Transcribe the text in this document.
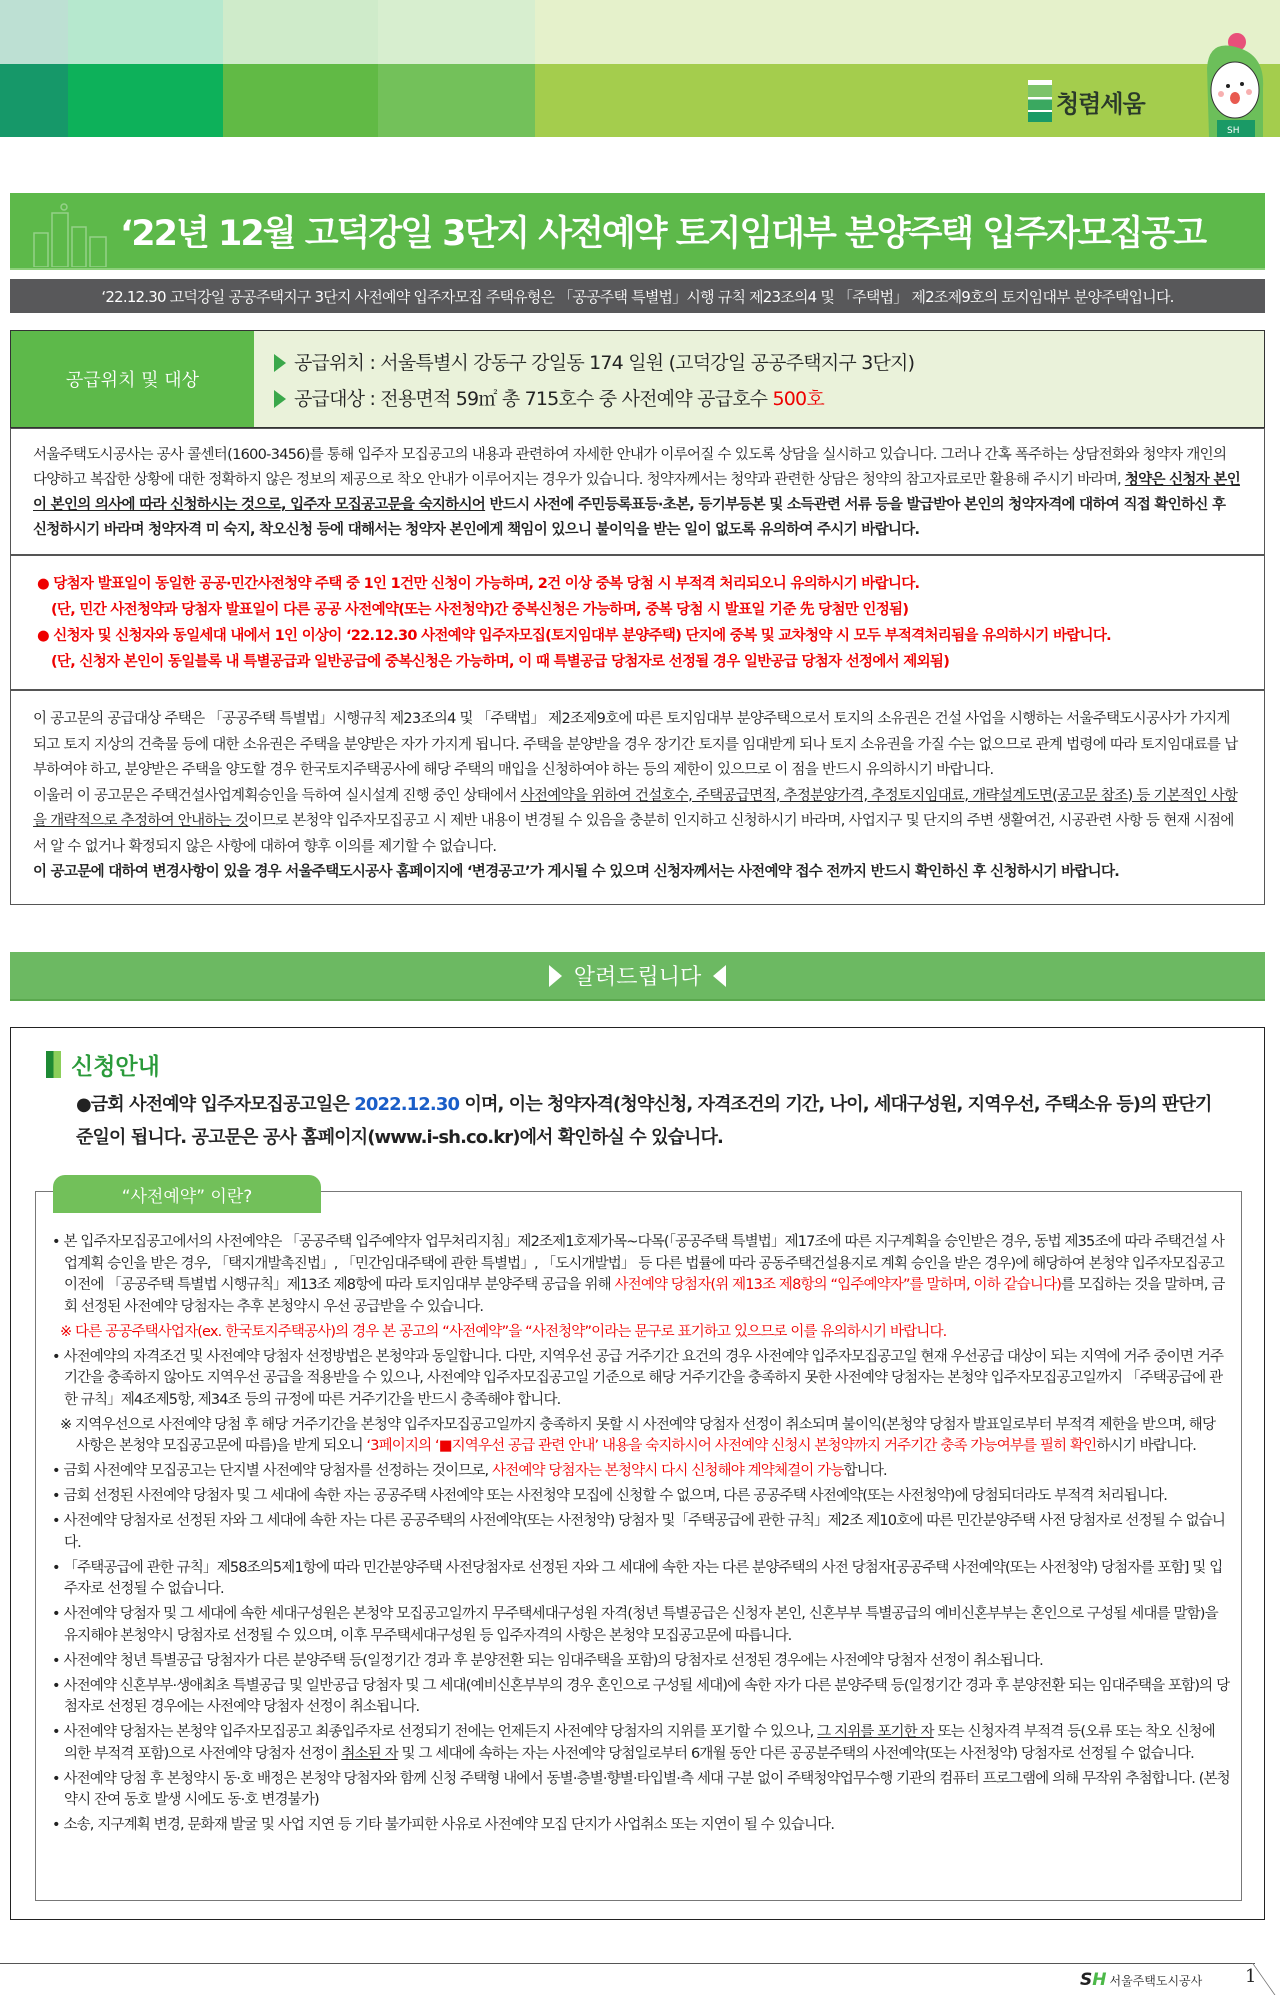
청렴세움
SH
‘22년 12월 고덕강일 3단지 사전예약 토지임대부 분양주택 입주자모집공고
‘22.12.30 고덕강일 공공주택지구 3단지 사전예약 입주자모집 주택유형은 「공공주택 특별법」시행 규칙 제23조의4 및 「주택법」 제2조제9호의 토지임대부 분양주택입니다.
공급위치 및 대상
공급위치 : 서울특별시 강동구 강일동 174 일원 (고덕강일 공공주택지구 3단지)
공급대상 : 전용면적 59㎡ 총 715호수 중 사전예약 공급호수 500호

서울주택도시공사는 공사 콜센터(1600-3456)를 통해 입주자 모집공고의 내용과 관련하여 자세한 안내가 이루어질 수 있도록 상담을 실시하고 있습니다. 그러나 간혹 폭주하는 상담전화와 청약자 개인의 다양하고 복잡한 상황에 대한 정확하지 않은 정보의 제공으로 착오 안내가 이루어지는 경우가 있습니다. 청약자께서는 청약과 관련한 상담은 청약의 참고자료로만 활용해 주시기 바라며, 청약은 신청자 본인이 본인의 의사에 따라 신청하시는 것으로, 입주자 모집공고문을 숙지하시어 반드시 사전에 주민등록표등·초본, 등기부등본 및 소득관련 서류 등을 발급받아 본인의 청약자격에 대하여 직접 확인하신 후 신청하시기 바라며 청약자격 미 숙지, 착오신청 등에 대해서는 청약자 본인에게 책임이 있으니 불이익을 받는 일이 없도록 유의하여 주시기 바랍니다.

● 당첨자 발표일이 동일한 공공·민간사전청약 주택 중 1인 1건만 신청이 가능하며, 2건 이상 중복 당첨 시 부적격 처리되오니 유의하시기 바랍니다.

(단, 민간 사전청약과 당첨자 발표일이 다른 공공 사전예약(또는 사전청약)간 중복신청은 가능하며, 중복 당첨 시 발표일 기준 先 당첨만 인정됨)

● 신청자 및 신청자와 동일세대 내에서 1인 이상이 ‘22.12.30 사전예약 입주자모집(토지임대부 분양주택) 단지에 중복 및 교차청약 시 모두 부적격처리됨을 유의하시기 바랍니다.

(단, 신청자 본인이 동일블록 내 특별공급과 일반공급에 중복신청은 가능하며, 이 때 특별공급 당첨자로 선정될 경우 일반공급 당첨자 선정에서 제외됨)

이 공고문의 공급대상 주택은 「공공주택 특별법」시행규칙 제23조의4 및 「주택법」 제2조제9호에 따른 토지임대부 분양주택으로서 토지의 소유권은 건설 사업을 시행하는 서울주택도시공사가 가지게 되고 토지 지상의 건축물 등에 대한 소유권은 주택을 분양받은 자가 가지게 됩니다. 주택을 분양받을 경우 장기간 토지를 임대받게 되나 토지 소유권을 가질 수는 없으므로 관계 법령에 따라 토지임대료를 납부하여야 하고, 분양받은 주택을 양도할 경우 한국토지주택공사에 해당 주택의 매입을 신청하여야 하는 등의 제한이 있으므로 이 점을 반드시 유의하시기 바랍니다.

이울러 이 공고문은 주택건설사업계획승인을 득하여 실시설계 진행 중인 상태에서 사전예약을 위하여 건설호수, 주택공급면적, 추정분양가격, 추정토지임대료, 개략설계도면(공고문 참조) 등 기본적인 사항을 개략적으로 추정하여 안내하는 것이므로 본청약 입주자모집공고 시 제반 내용이 변경될 수 있음을 충분히 인지하고 신청하시기 바라며, 사업지구 및 단지의 주변 생활여건, 시공관련 사항 등 현재 시점에서 알 수 없거나 확정되지 않은 사항에 대하여 향후 이의를 제기할 수 없습니다.

이 공고문에 대하여 변경사항이 있을 경우 서울주택도시공사 홈페이지에 ‘변경공고’가 게시될 수 있으며 신청자께서는 사전예약 접수 전까지 반드시 확인하신 후 신청하시기 바랍니다.

알려드립니다
신청안내

●금회 사전예약 입주자모집공고일은 2022.12.30 이며, 이는 청약자격(청약신청, 자격조건의 기간, 나이, 세대구성원, 지역우선, 주택소유 등)의 판단기준일이 됩니다. 공고문은 공사 홈페이지(www.i-sh.co.kr)에서 확인하실 수 있습니다.

• 본 입주자모집공고에서의 사전예약은 「공공주택 입주예약자 업무처리지침」제2조제1호제가목~다목(「공공주택 특별법」제17조에 따른 지구계획을 승인받은 경우, 동법 제35조에 따라 주택건설 사업계획 승인을 받은 경우, 「택지개발촉진법」, 「민간임대주택에 관한 특별법」, 「도시개발법」 등 다른 법률에 따라 공동주택건설용지로 계획 승인을 받은 경우)에 해당하여 본청약 입주자모집공고 이전에 「공공주택 특별법 시행규칙」제13조 제8항에 따라 토지임대부 분양주택 공급을 위해 사전예약 당첨자(위 제13조 제8항의 “입주예약자”를 말하며, 이하 같습니다)를 모집하는 것을 말하며, 금회 선정된 사전예약 당첨자는 추후 본청약시 우선 공급받을 수 있습니다.
※ 다른 공공주택사업자(ex. 한국토지주택공사)의 경우 본 공고의 “사전예약”을 “사전청약”이라는 문구로 표기하고 있으므로 이를 유의하시기 바랍니다.
• 사전예약의 자격조건 및 사전예약 당첨자 선정방법은 본청약과 동일합니다. 다만, 지역우선 공급 거주기간 요건의 경우 사전예약 입주자모집공고일 현재 우선공급 대상이 되는 지역에 거주 중이면 거주기간을 충족하지 않아도 지역우선 공급을 적용받을 수 있으나, 사전예약 입주자모집공고일 기준으로 해당 거주기간을 충족하지 못한 사전예약 당첨자는 본청약 입주자모집공고일까지 「주택공급에 관한 규칙」제4조제5항, 제34조 등의 규정에 따른 거주기간을 반드시 충족해야 합니다.
※ 지역우선으로 사전예약 당첨 후 해당 거주기간을 본청약 입주자모집공고일까지 충족하지 못할 시 사전예약 당첨자 선정이 취소되며 불이익(본청약 당첨자 발표일로부터 부적격 제한을 받으며, 해당 사항은 본청약 모집공고문에 따름)을 받게 되오니 ‘3페이지의 ‘■지역우선 공급 관련 안내’ 내용을 숙지하시어 사전예약 신청시 본청약까지 거주기간 충족 가능여부를 필히 확인하시기 바랍니다.
• 금회 사전예약 모집공고는 단지별 사전예약 당첨자를 선정하는 것이므로, 사전예약 당첨자는 본청약시 다시 신청해야 계약체결이 가능합니다.
• 금회 선정된 사전예약 당첨자 및 그 세대에 속한 자는 공공주택 사전예약 또는 사전청약 모집에 신청할 수 없으며, 다른 공공주택 사전예약(또는 사전청약)에 당첨되더라도 부적격 처리됩니다.
• 사전예약 당첨자로 선정된 자와 그 세대에 속한 자는 다른 공공주택의 사전예약(또는 사전청약) 당첨자 및「주택공급에 관한 규칙」제2조 제10호에 따른 민간분양주택 사전 당첨자로 선정될 수 없습니다.
• 「주택공급에 관한 규칙」제58조의5제1항에 따라 민간분양주택 사전당첨자로 선정된 자와 그 세대에 속한 자는 다른 분양주택의 사전 당첨자[공공주택 사전예약(또는 사전청약) 당첨자를 포함] 및 입주자로 선정될 수 없습니다.
• 사전예약 당첨자 및 그 세대에 속한 세대구성원은 본청약 모집공고일까지 무주택세대구성원 자격(청년 특별공급은 신청자 본인, 신혼부부 특별공급의 예비신혼부부는 혼인으로 구성될 세대를 말함)을 유지해야 본청약시 당첨자로 선정될 수 있으며, 이후 무주택세대구성원 등 입주자격의 사항은 본청약 모집공고문에 따릅니다.
• 사전예약 청년 특별공급 당첨자가 다른 분양주택 등(일정기간 경과 후 분양전환 되는 임대주택을 포함)의 당첨자로 선정된 경우에는 사전예약 당첨자 선정이 취소됩니다.
• 사전예약 신혼부부·생애최초 특별공급 및 일반공급 당첨자 및 그 세대(예비신혼부부의 경우 혼인으로 구성될 세대)에 속한 자가 다른 분양주택 등(일정기간 경과 후 분양전환 되는 임대주택을 포함)의 당첨자로 선정된 경우에는 사전예약 당첨자 선정이 취소됩니다.
• 사전예약 당첨자는 본청약 입주자모집공고 최종입주자로 선정되기 전에는 언제든지 사전예약 당첨자의 지위를 포기할 수 있으나, 그 지위를 포기한 자 또는 신청자격 부적격 등(오류 또는 착오 신청에 의한 부적격 포함)으로 사전예약 당첨자 선정이 취소된 자 및 그 세대에 속하는 자는 사전예약 당첨일로부터 6개월 동안 다른 공공분주택의 사전예약(또는 사전청약) 당첨자로 선정될 수 없습니다.
• 사전예약 당첨 후 본청약시 동·호 배정은 본청약 당첨자와 함께 신청 주택형 내에서 동별·층별·향별·타입별·측 세대 구분 없이 주택청약업무수행 기관의 컴퓨터 프로그램에 의해 무작위 추첨합니다. (본청약시 잔여 동호 발생 시에도 동·호 변경불가)
• 소송, 지구계획 변경, 문화재 발굴 및 사업 지연 등 기타 불가피한 사유로 사전예약 모집 단지가 사업취소 또는 지연이 될 수 있습니다.
“사전예약” 이란?
SH 서울주택도시공사 1
